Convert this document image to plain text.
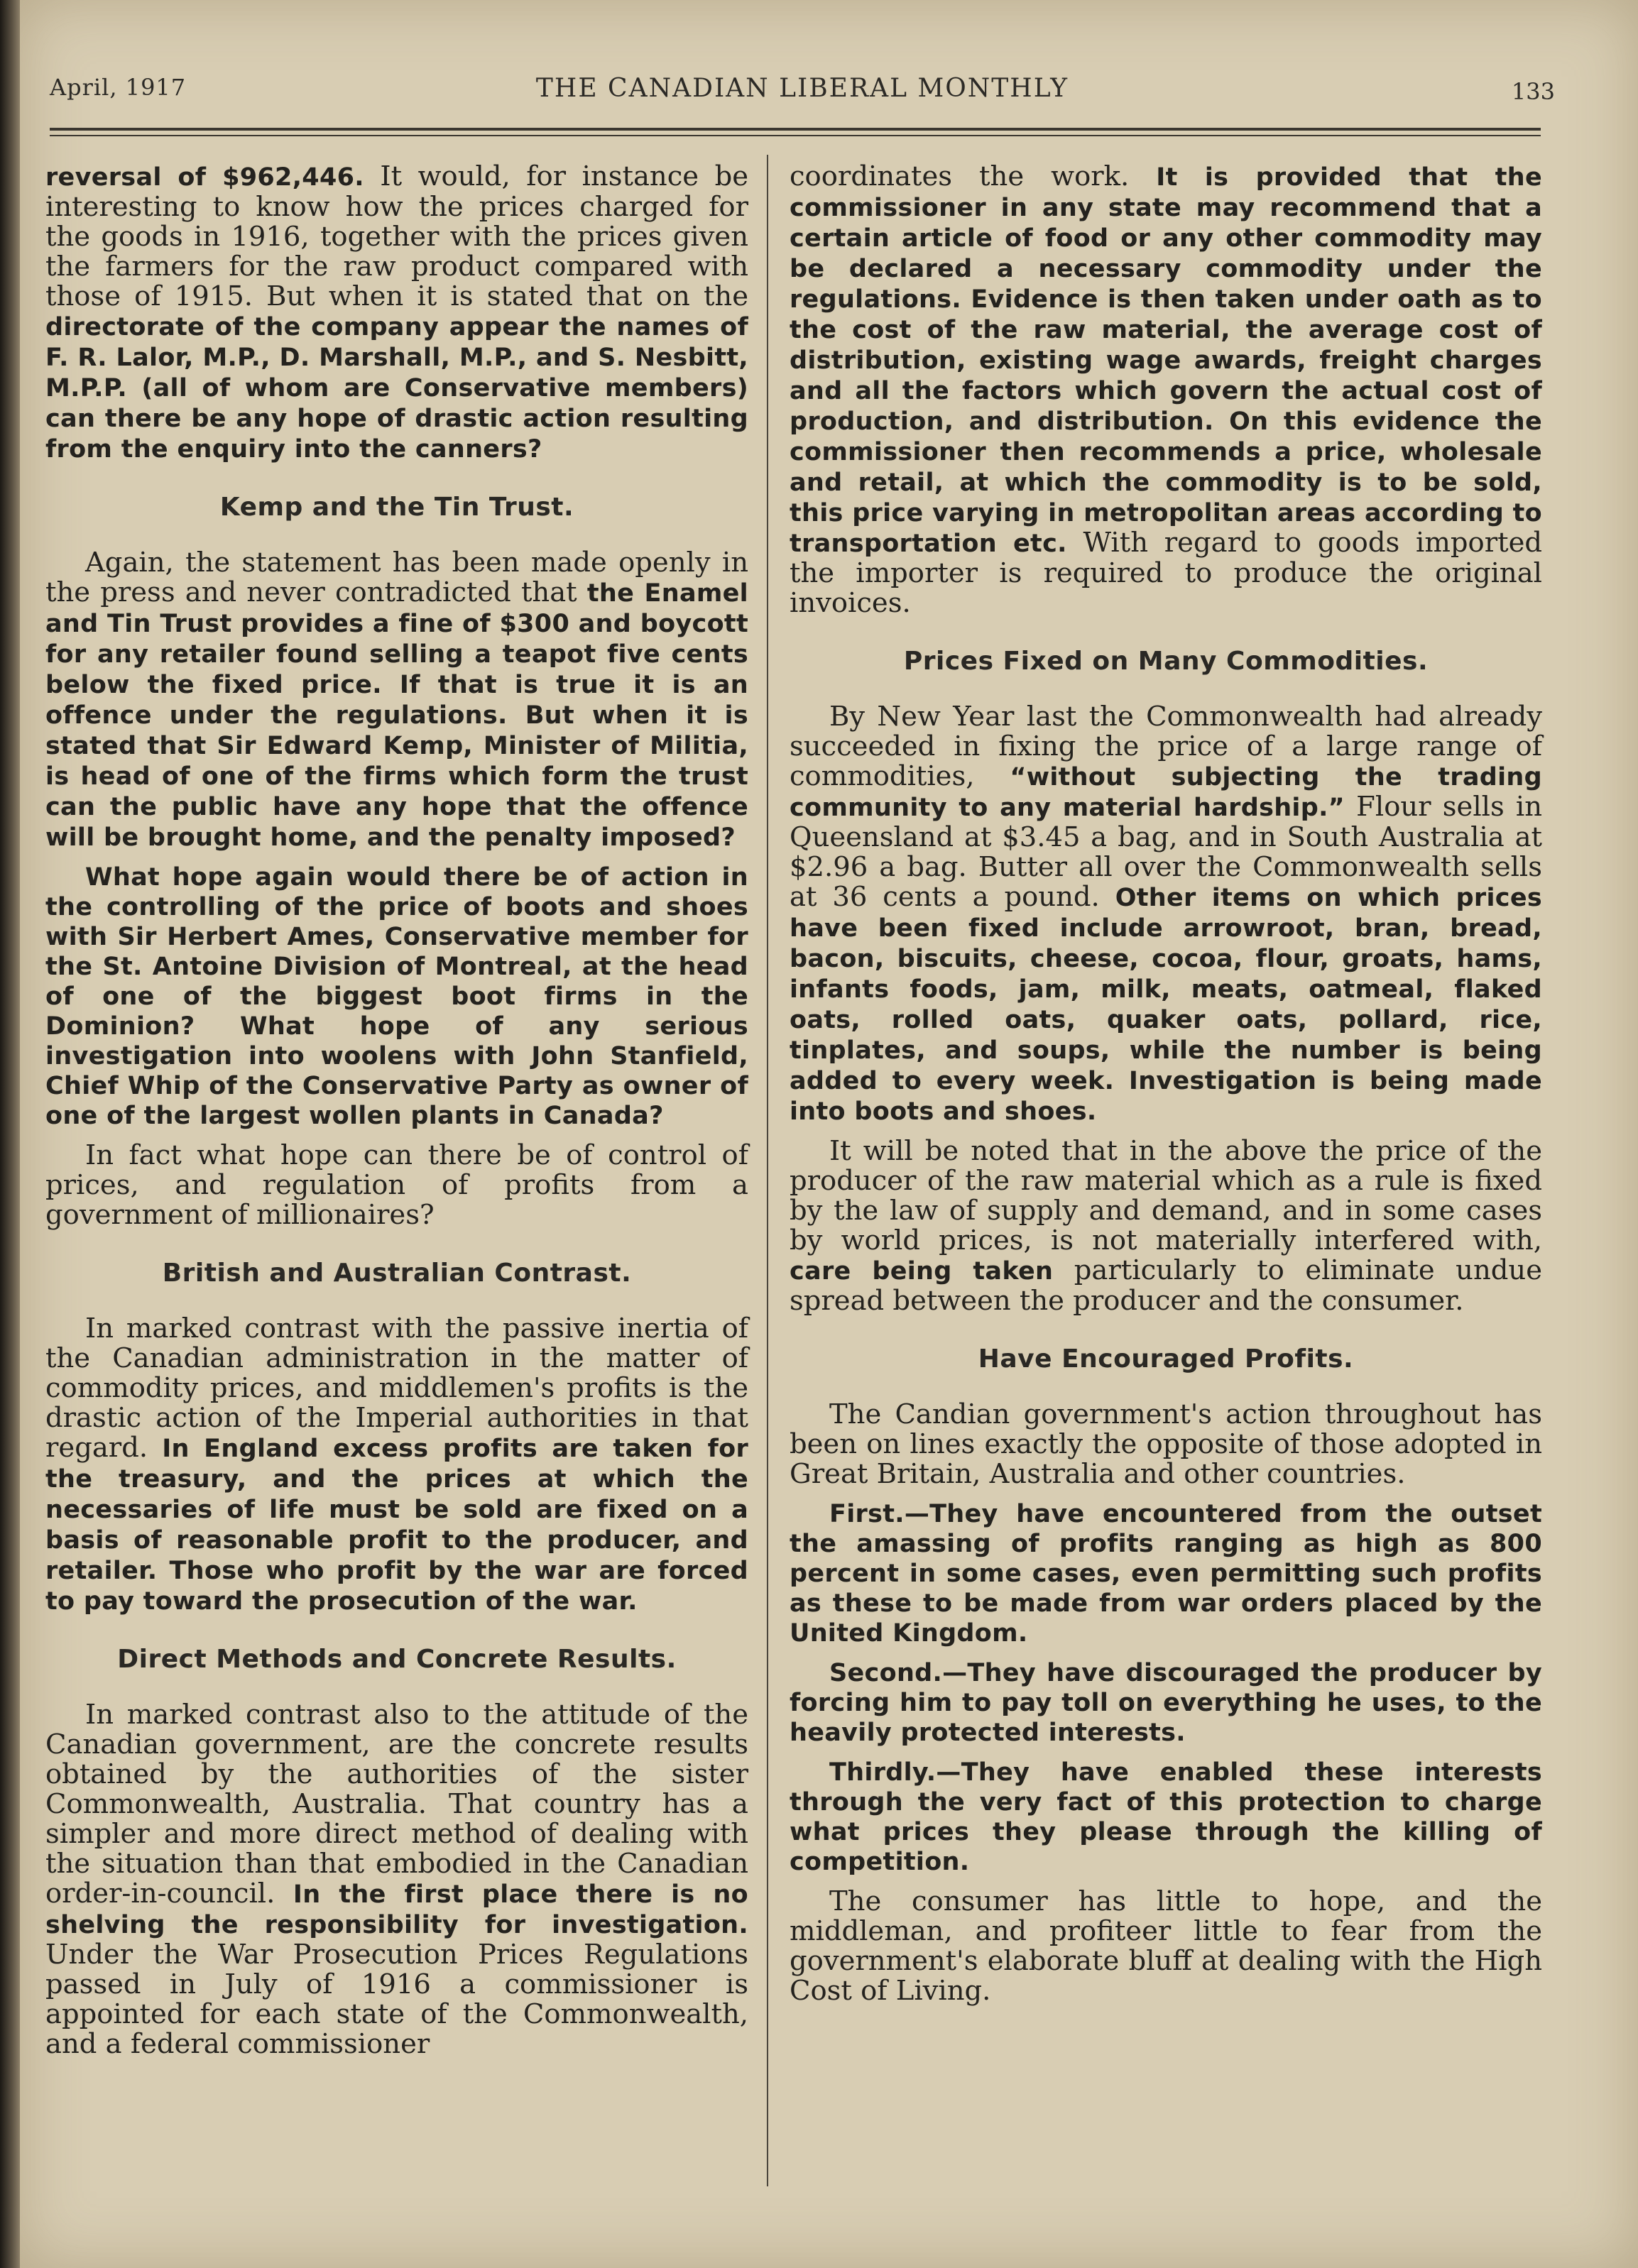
April, 1917	THE CANADIAN LIBERAL MONTHLY	133

reversal of $962,446. It would, for instance be interesting to know how the prices charged for the goods in 1916, together with the prices given the farmers for the raw product compared with those of 1915. But when it is stated that on the directorate of the company appear the names of F. R. Lalor, M.P., D. Marshall, M.P., and S. Nesbitt, M.P.P. (all of whom are Conservative members) can there be any hope of drastic action resulting from the enquiry into the canners?

Kemp and the Tin Trust.

Again, the statement has been made openly in the press and never contradicted that the Enamel and Tin Trust provides a fine of $300 and boycott for any retailer found selling a teapot five cents below the fixed price. If that is true it is an offence under the regulations. But when it is stated that Sir Edward Kemp, Minister of Militia, is head of one of the firms which form the trust can the public have any hope that the offence will be brought home, and the penalty imposed?

What hope again would there be of action in the controlling of the price of boots and shoes with Sir Herbert Ames, Conservative member for the St. Antoine Division of Montreal, at the head of one of the biggest boot firms in the Dominion? What hope of any serious investigation into woolens with John Stanfield, Chief Whip of the Conservative Party as owner of one of the largest wollen plants in Canada?

In fact what hope can there be of control of prices, and regulation of profits from a government of millionaires?

British and Australian Contrast.

In marked contrast with the passive inertia of the Canadian administration in the matter of commodity prices, and middlemen's profits is the drastic action of the Imperial authorities in that regard. In England excess profits are taken for the treasury, and the prices at which the necessaries of life must be sold are fixed on a basis of reasonable profit to the producer, and retailer. Those who profit by the war are forced to pay toward the prosecution of the war.

Direct Methods and Concrete Results.

In marked contrast also to the attitude of the Canadian government, are the concrete results obtained by the authorities of the sister Commonwealth, Australia. That country has a simpler and more direct method of dealing with the situation than that embodied in the Canadian order-in-council. In the first place there is no shelving the responsibility for investigation. Under the War Prosecution Prices Regulations passed in July of 1916 a commissioner is appointed for each state of the Commonwealth, and a federal commissioner

coordinates the work. It is provided that the commissioner in any state may recommend that a certain article of food or any other commodity may be declared a necessary commodity under the regulations. Evidence is then taken under oath as to the cost of the raw material, the average cost of distribution, existing wage awards, freight charges and all the factors which govern the actual cost of production, and distribution. On this evidence the commissioner then recommends a price, wholesale and retail, at which the commodity is to be sold, this price varying in metropolitan areas according to transportation etc. With regard to goods imported the importer is required to produce the original invoices.

Prices Fixed on Many Commodities.

By New Year last the Commonwealth had already succeeded in fixing the price of a large range of commodities, “without subjecting the trading community to any material hardship.” Flour sells in Queensland at $3.45 a bag, and in South Australia at $2.96 a bag. Butter all over the Commonwealth sells at 36 cents a pound. Other items on which prices have been fixed include arrowroot, bran, bread, bacon, biscuits, cheese, cocoa, flour, groats, hams, infants foods, jam, milk, meats, oatmeal, flaked oats, rolled oats, quaker oats, pollard, rice, tinplates, and soups, while the number is being added to every week. Investigation is being made into boots and shoes.

It will be noted that in the above the price of the producer of the raw material which as a rule is fixed by the law of supply and demand, and in some cases by world prices, is not materially interfered with, care being taken particularly to eliminate undue spread between the producer and the consumer.

Have Encouraged Profits.

The Candian government's action throughout has been on lines exactly the opposite of those adopted in Great Britain, Australia and other countries.

First.—They have encountered from the outset the amassing of profits ranging as high as 800 percent in some cases, even permitting such profits as these to be made from war orders placed by the United Kingdom.

Second.—They have discouraged the producer by forcing him to pay toll on everything he uses, to the heavily protected interests.

Thirdly.—They have enabled these interests through the very fact of this protection to charge what prices they please through the killing of competition.

The consumer has little to hope, and the middleman, and profiteer little to fear from the government's elaborate bluff at dealing with the High Cost of Living.
